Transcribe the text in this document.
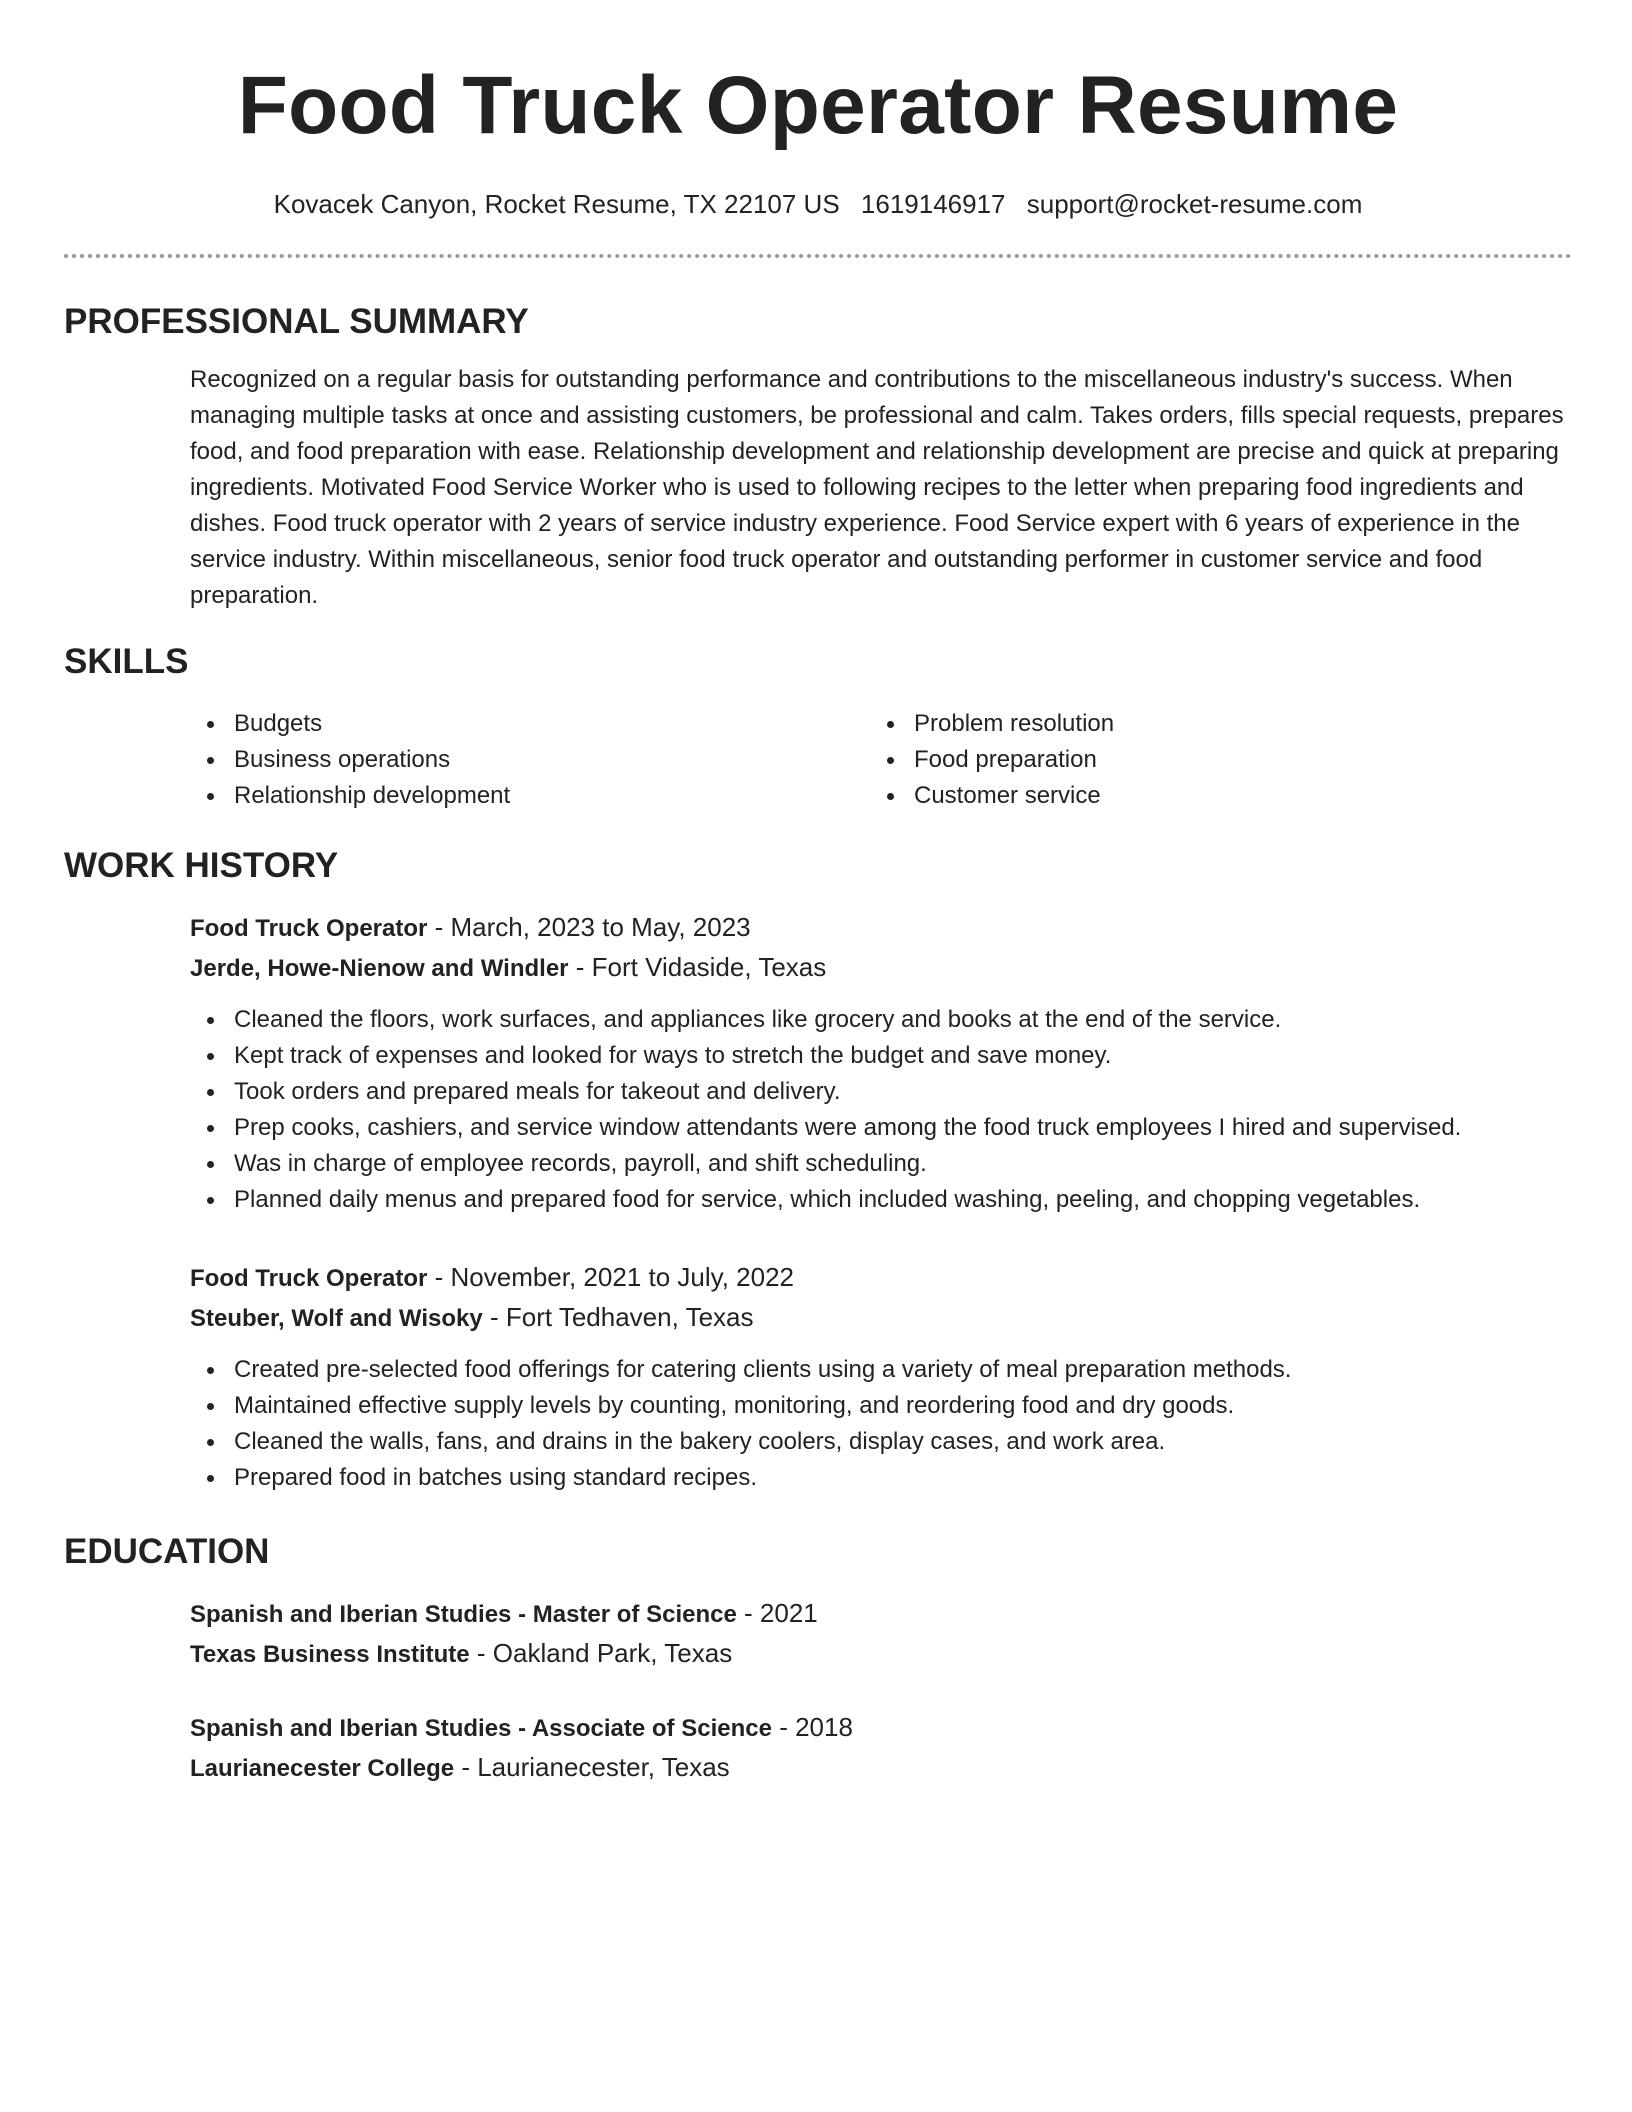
Food Truck Operator Resume
Kovacek Canyon, Rocket Resume, TX 22107 US 1619146917 support@rocket-resume.com
PROFESSIONAL SUMMARY

Recognized on a regular basis for outstanding performance and contributions to the miscellaneous industry's success. When managing multiple tasks at once and assisting customers, be professional and calm. Takes orders, fills special requests, prepares food, and food preparation with ease. Relationship development and relationship development are precise and quick at preparing ingredients. Motivated Food Service Worker who is used to following recipes to the letter when preparing food ingredients and dishes. Food truck operator with 2 years of service industry experience. Food Service expert with 6 years of experience in the service industry. Within miscellaneous, senior food truck operator and outstanding performer in customer service and food preparation.

SKILLS
Budgets
Business operations
Relationship development
Problem resolution
Food preparation
Customer service
WORK HISTORY
Food Truck Operator - March, 2023 to May, 2023
Jerde, Howe-Nienow and Windler - Fort Vidaside, Texas
Cleaned the floors, work surfaces, and appliances like grocery and books at the end of the service.
Kept track of expenses and looked for ways to stretch the budget and save money.
Took orders and prepared meals for takeout and delivery.
Prep cooks, cashiers, and service window attendants were among the food truck employees I hired and supervised.
Was in charge of employee records, payroll, and shift scheduling.
Planned daily menus and prepared food for service, which included washing, peeling, and chopping vegetables.
Food Truck Operator - November, 2021 to July, 2022
Steuber, Wolf and Wisoky - Fort Tedhaven, Texas
Created pre-selected food offerings for catering clients using a variety of meal preparation methods.
Maintained effective supply levels by counting, monitoring, and reordering food and dry goods.
Cleaned the walls, fans, and drains in the bakery coolers, display cases, and work area.
Prepared food in batches using standard recipes.
EDUCATION
Spanish and Iberian Studies - Master of Science - 2021
Texas Business Institute - Oakland Park, Texas
Spanish and Iberian Studies - Associate of Science - 2018
Laurianecester College - Laurianecester, Texas
